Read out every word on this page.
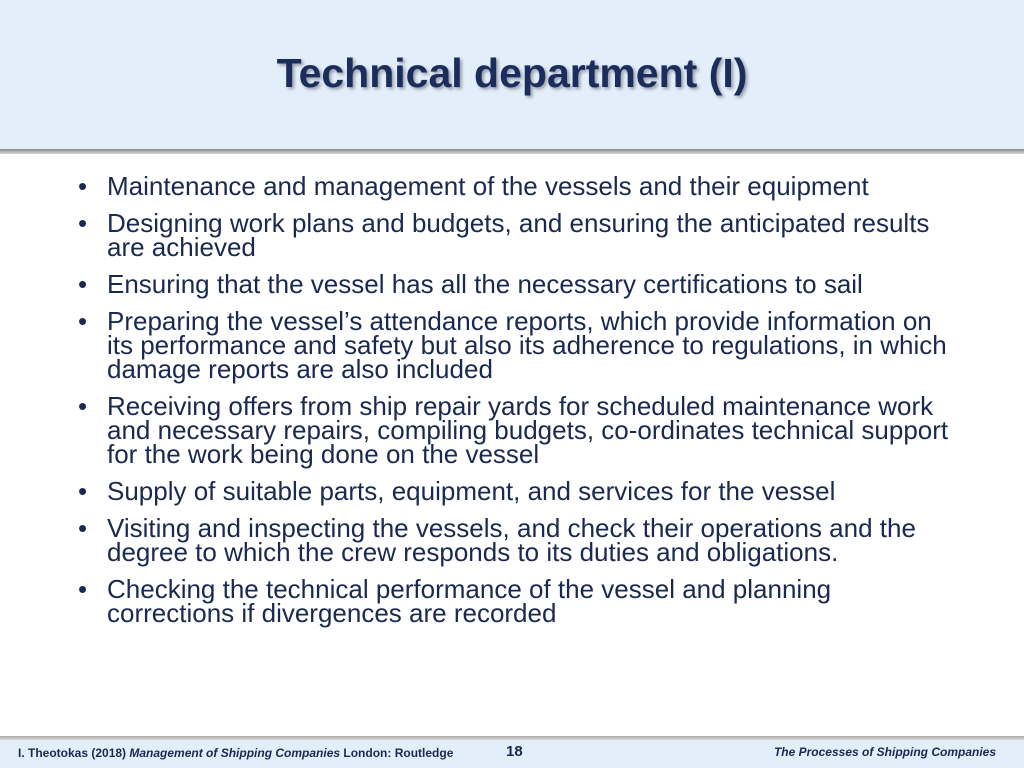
Technical department (I)
• Maintenance and management of the vessels and their equipment
• Designing work plans and budgets, and ensuring the anticipated results are achieved
• Ensuring that the vessel has all the necessary certifications to sail
• Preparing the vessel’s attendance reports, which provide information on its performance and safety but also its adherence to regulations, in which damage reports are also included
• Receiving offers from ship repair yards for scheduled maintenance work and necessary repairs, compiling budgets, co-ordinates technical support for the work being done on the vessel
• Supply of suitable parts, equipment, and services for the vessel
• Visiting and inspecting the vessels, and check their operations and the degree to which the crew responds to its duties and obligations.
• Checking the technical performance of the vessel and planning corrections if divergences are recorded
I. Theotokas (2018) Management of Shipping Companies London: Routledge	18	The Processes of Shipping Companies
